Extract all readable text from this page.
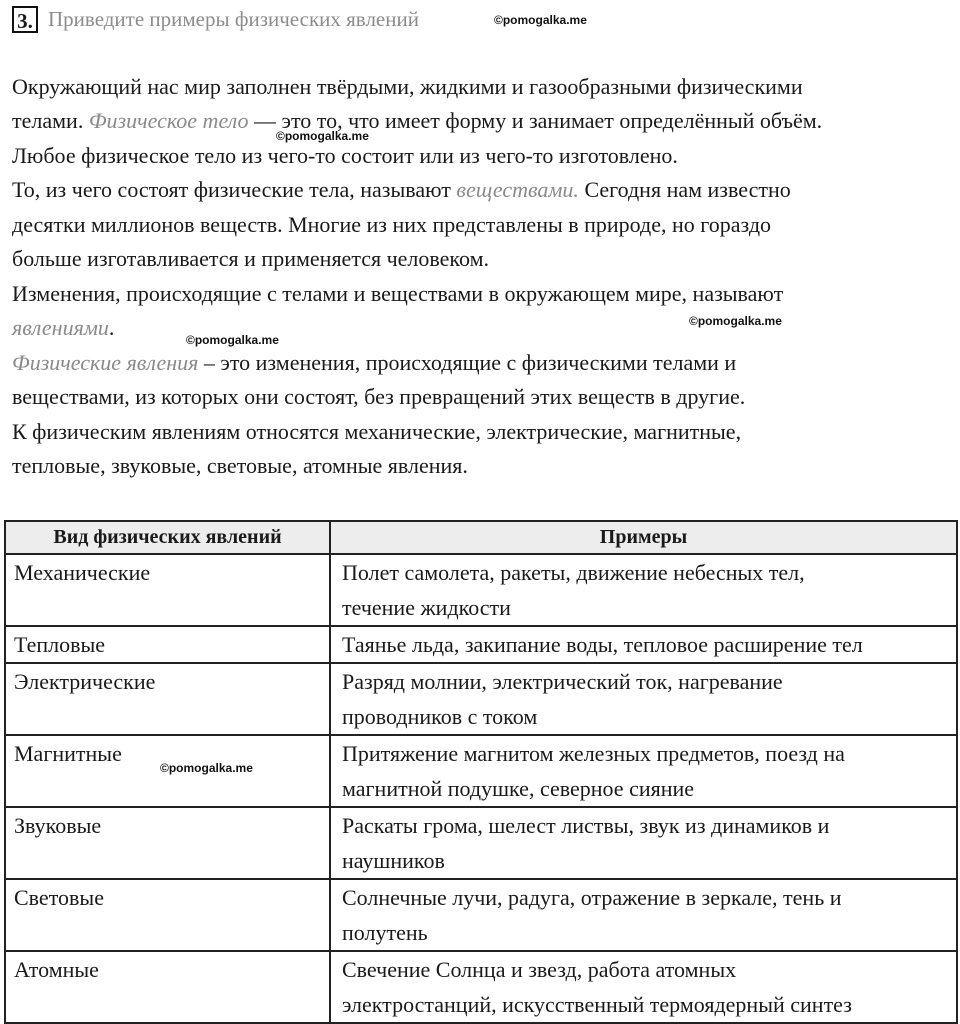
3. Приведите примеры физических явлений	©pomogalka.me
©pomogalka.me
©pomogalka.me
©pomogalka.me
©pomogalka.me
Окружающий нас мир заполнен твёрдыми, жидкими и газообразными физическими
телами. Физическое тело — это то, что имеет форму и занимает определённый объём.
Любое физическое тело из чего-то состоит или из чего-то изготовлено.
То, из чего состоят физические тела, называют веществами. Сегодня нам известно
десятки миллионов веществ. Многие из них представлены в природе, но гораздо
больше изготавливается и применяется человеком.
Изменения, происходящие с телами и веществами в окружающем мире, называют
явлениями.
Физические явления – это изменения, происходящие с физическими телами и
веществами, из которых они состоят, без превращений этих веществ в другие.
К физическим явлениям относятся механические, электрические, магнитные,
тепловые, звуковые, световые, атомные явления.
Вид физических явлений	Примеры
Механические	Полет самолета, ракеты, движение небесных тел,
течение жидкости

Тепловые	Таянье льда, закипание воды, тепловое расширение тел

Электрические	Разряд молнии, электрический ток, нагревание
проводников с током

Магнитные	Притяжение магнитом железных предметов, поезд на
магнитной подушке, северное сияние

Звуковые	Раскаты грома, шелест листвы, звук из динамиков и
наушников

Световые	Солнечные лучи, радуга, отражение в зеркале, тень и
полутень

Атомные	Свечение Солнца и звезд, работа атомных
электростанций, искусственный термоядерный синтез
